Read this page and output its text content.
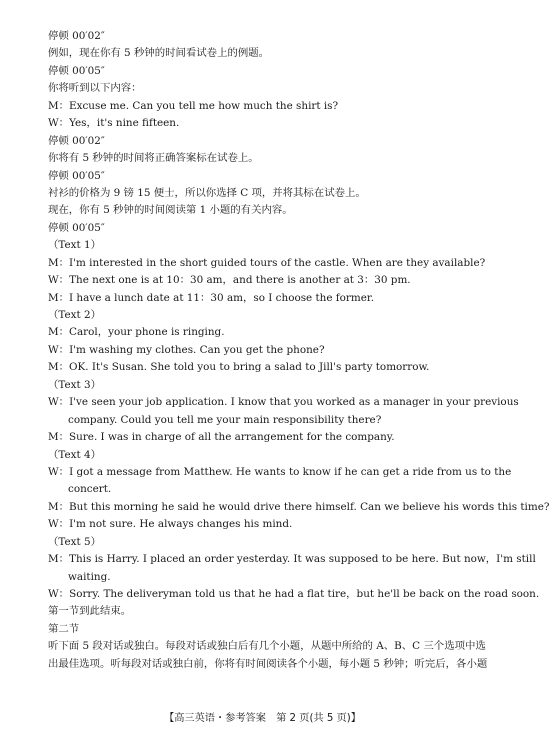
停顿 00′02″
例如，现在你有 5 秒钟的时间看试卷上的例题。
停顿 00′05″
你将听到以下内容：
M：Excuse me. Can you tell me how much the shirt is?
W：Yes，it's nine fifteen.
停顿 00′02″
你将有 5 秒钟的时间将正确答案标在试卷上。
停顿 00′05″
衬衫的价格为 9 镑 15 便士，所以你选择 C 项，并将其标在试卷上。
现在，你有 5 秒钟的时间阅读第 1 小题的有关内容。
停顿 00′05″
（Text 1）
M：I'm interested in the short guided tours of the castle. When are they available?
W：The next one is at 10：30 am，and there is another at 3：30 pm.
M：I have a lunch date at 11：30 am，so I choose the former.
（Text 2）
M：Carol，your phone is ringing.
W：I'm washing my clothes. Can you get the phone?
M：OK. It's Susan. She told you to bring a salad to Jill's party tomorrow.
（Text 3）
W：I've seen your job application. I know that you worked as a manager in your previous
company. Could you tell me your main responsibility there?
M：Sure. I was in charge of all the arrangement for the company.
（Text 4）
W：I got a message from Matthew. He wants to know if he can get a ride from us to the
concert.
M：But this morning he said he would drive there himself. Can we believe his words this time?
W：I'm not sure. He always changes his mind.
（Text 5）
M：This is Harry. I placed an order yesterday. It was supposed to be here. But now，I'm still
waiting.
W：Sorry. The deliveryman told us that he had a flat tire，but he'll be back on the road soon.
第一节到此结束。
第二节
听下面 5 段对话或独白。每段对话或独白后有几个小题，从题中所给的 A、B、C 三个选项中选
出最佳选项。听每段对话或独白前，你将有时间阅读各个小题，每小题 5 秒钟；听完后，各小题
【高三英语・参考答案　第 2 页(共 5 页)】
